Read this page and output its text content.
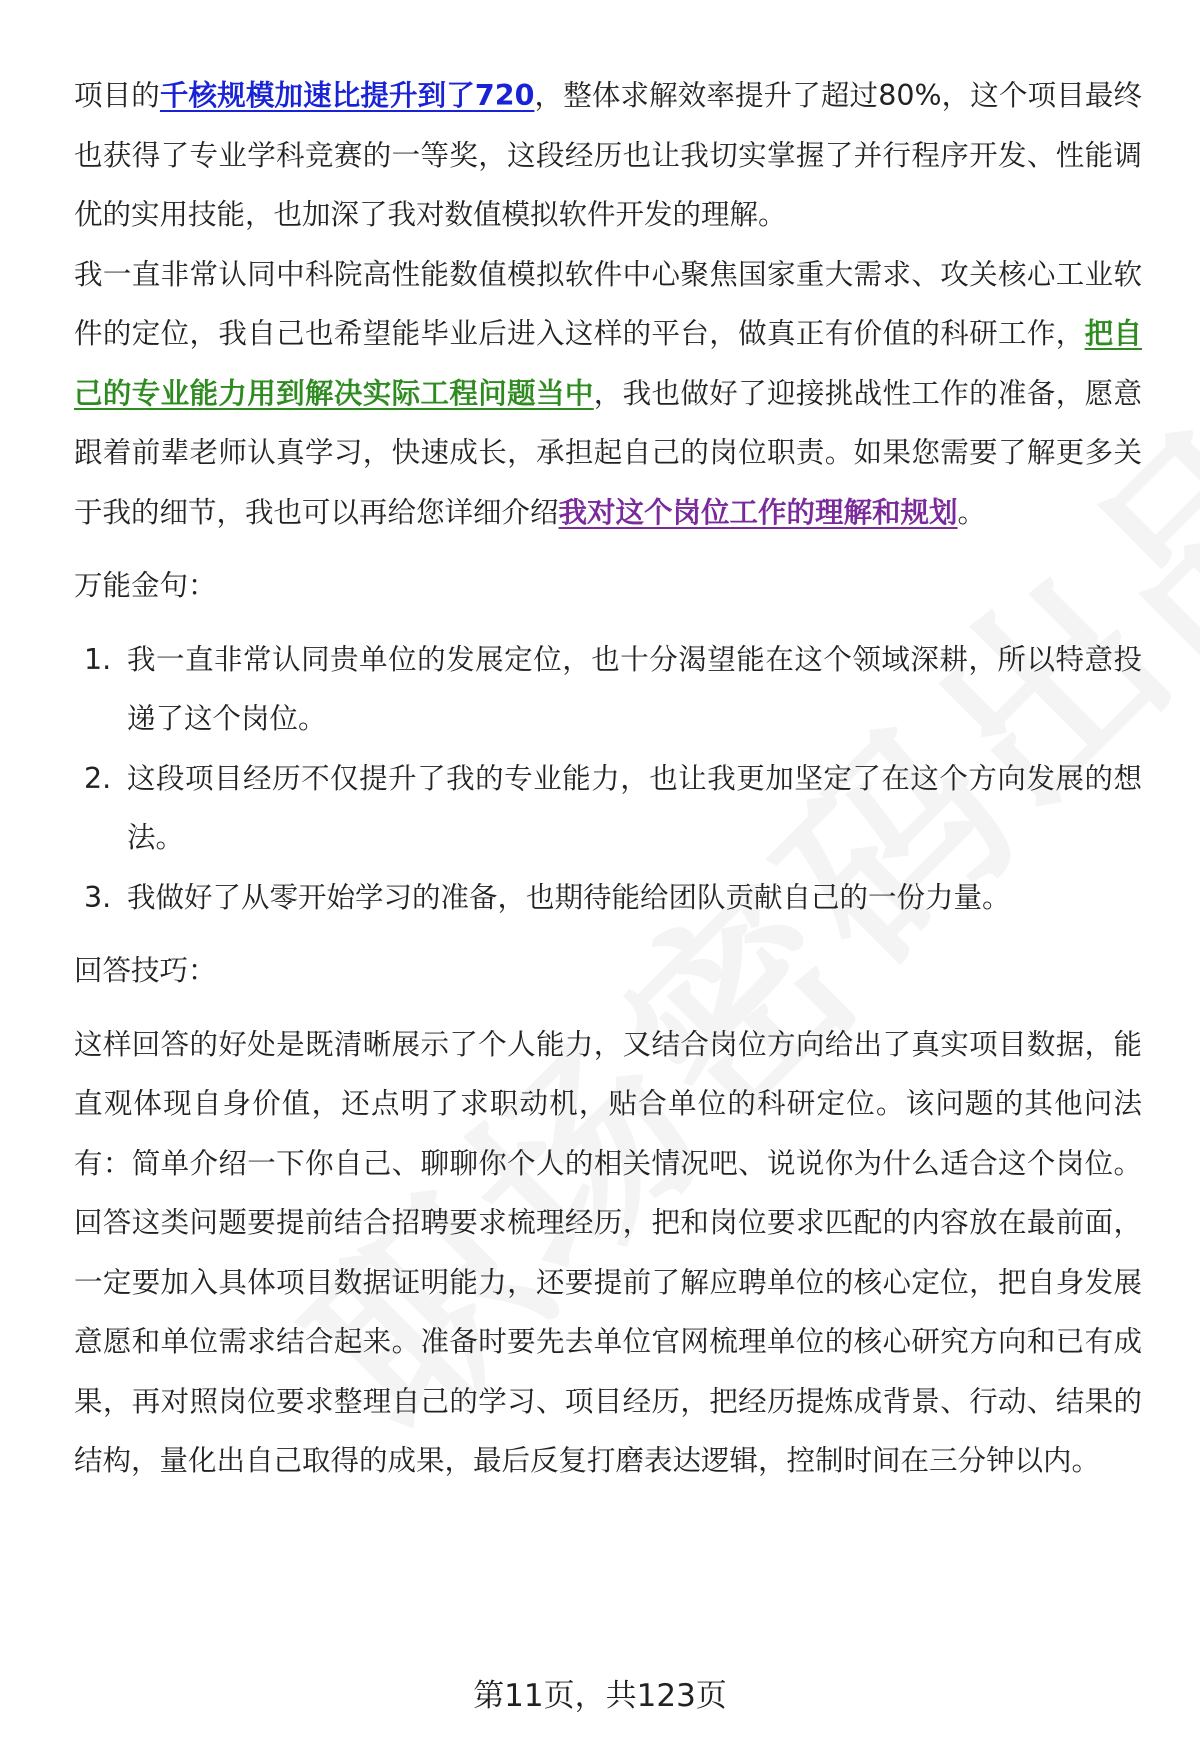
项目的千核规模加速比提升到了720，整体求解效率提升了超过80%，这个项目最终也获得了专业学科竞赛的一等奖，这段经历也让我切实掌握了并行程序开发、性能调优的实用技能，也加深了我对数值模拟软件开发的理解。

我一直非常认同中科院高性能数值模拟软件中心聚焦国家重大需求、攻关核心工业软件的定位，我自己也希望能毕业后进入这样的平台，做真正有价值的科研工作，把自己的专业能力用到解决实际工程问题当中，我也做好了迎接挑战性工作的准备，愿意跟着前辈老师认真学习，快速成长，承担起自己的岗位职责。如果您需要了解更多关于我的细节，我也可以再给您详细介绍我对这个岗位工作的理解和规划。

万能金句：

1. 我一直非常认同贵单位的发展定位，也十分渴望能在这个领域深耕，所以特意投递了这个岗位。
2. 这段项目经历不仅提升了我的专业能力，也让我更加坚定了在这个方向发展的想法。
3. 我做好了从零开始学习的准备，也期待能给团队贡献自己的一份力量。

回答技巧：

这样回答的好处是既清晰展示了个人能力，又结合岗位方向给出了真实项目数据，能直观体现自身价值，还点明了求职动机，贴合单位的科研定位。该问题的其他问法有：简单介绍一下你自己、聊聊你个人的相关情况吧、说说你为什么适合这个岗位。回答这类问题要提前结合招聘要求梳理经历，把和岗位要求匹配的内容放在最前面，一定要加入具体项目数据证明能力，还要提前了解应聘单位的核心定位，把自身发展意愿和单位需求结合起来。准备时要先去单位官网梳理单位的核心研究方向和已有成果，再对照岗位要求整理自己的学习、项目经历，把经历提炼成背景、行动、结果的结构，量化出自己取得的成果，最后反复打磨表达逻辑，控制时间在三分钟以内。

第11页，共123页
